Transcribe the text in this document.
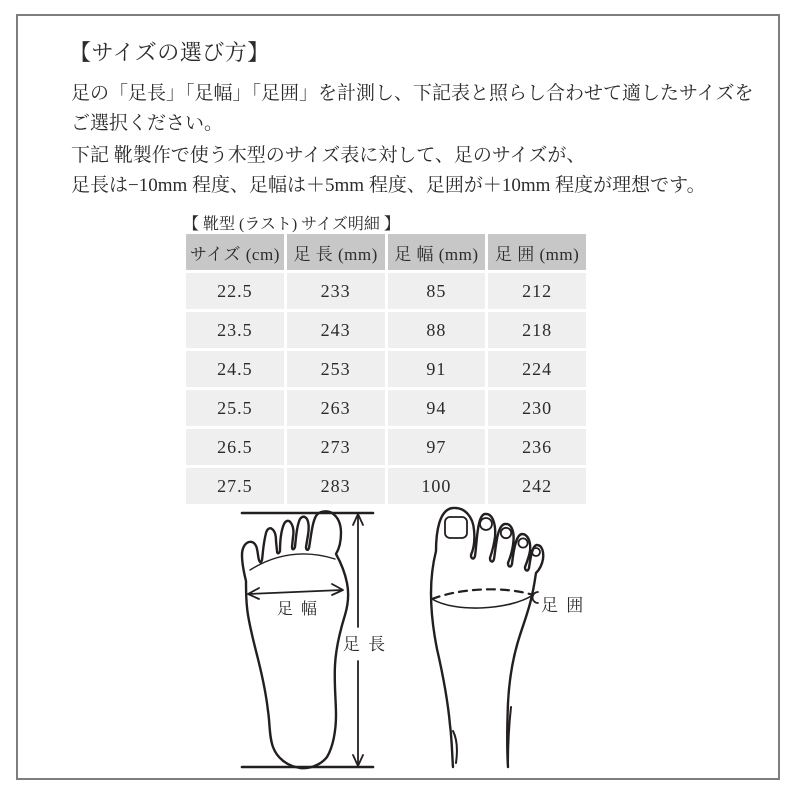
【サイズの選び方】
足の「足長」「足幅」「足囲」を計測し、下記表と照らし合わせて適したサイズを
ご選択ください。
下記 靴製作で使う木型のサイズ表に対して、足のサイズが、
足長は−10mm 程度、足幅は＋5mm 程度、足囲が＋10mm 程度が理想です。
【 靴型 (ラスト) サイズ明細 】
サイズ (cm)	足 長 (mm)	足 幅 (mm)	足 囲 (mm)
22.5	233	85	212
23.5	243	88	218
24.5	253	91	224
25.5	263	94	230
26.5	273	97	236
27.5	283	100	242
足 幅
足 長
足 囲
